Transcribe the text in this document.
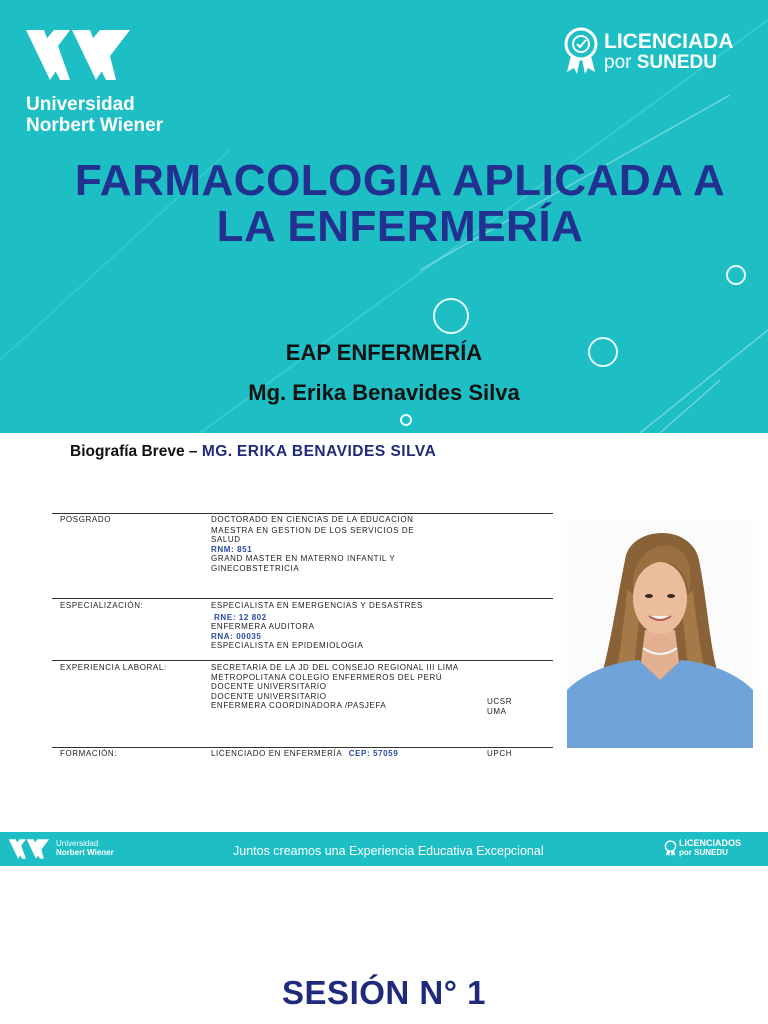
Universidad
Norbert Wiener
LICENCIADA
por SUNEDU
FARMACOLOGIA APLICADA A
LA ENFERMERÍA
EAP ENFERMERÍA
Mg. Erika Benavides Silva
Biografía Breve – MG. ERIKA BENAVIDES SILVA
POSGRADO	DOCTORADO EN CIENCIAS DE LA EDUCACION
MAESTRA EN GESTION DE LOS SERVICIOS DE
SALUD
RNM: 851
GRAND MASTER EN MATERNO INFANTIL Y
GINECOBSTETRICIA
ESPECIALIZACIÓN:	ESPECIALISTA EN EMERGENCIAS Y DESASTRES
RNE: 12 802
ENFERMERA AUDITORA
RNA: 00035
ESPECIALISTA EN EPIDEMIOLOGIA
EXPERIENCIA LABORAL:	SECRETARIA DE LA JD DEL CONSEJO REGIONAL III LIMA
METROPOLITANA COLEGIO ENFERMEROS DEL PERÚ
DOCENTE UNIVERSITARIO
DOCENTE UNIVERSITARIO
ENFERMERA COORDINADORA /PASJEFA	UCSR
UMA
FORMACIÓN:	LICENCIADO EN ENFERMERÍA CEP: 57059	UPCH
Universidad
Norbert Wiener	Juntos creamos una Experiencia Educativa Excepcional
LICENCIADOS
por SUNEDU
SESIÓN N° 1
